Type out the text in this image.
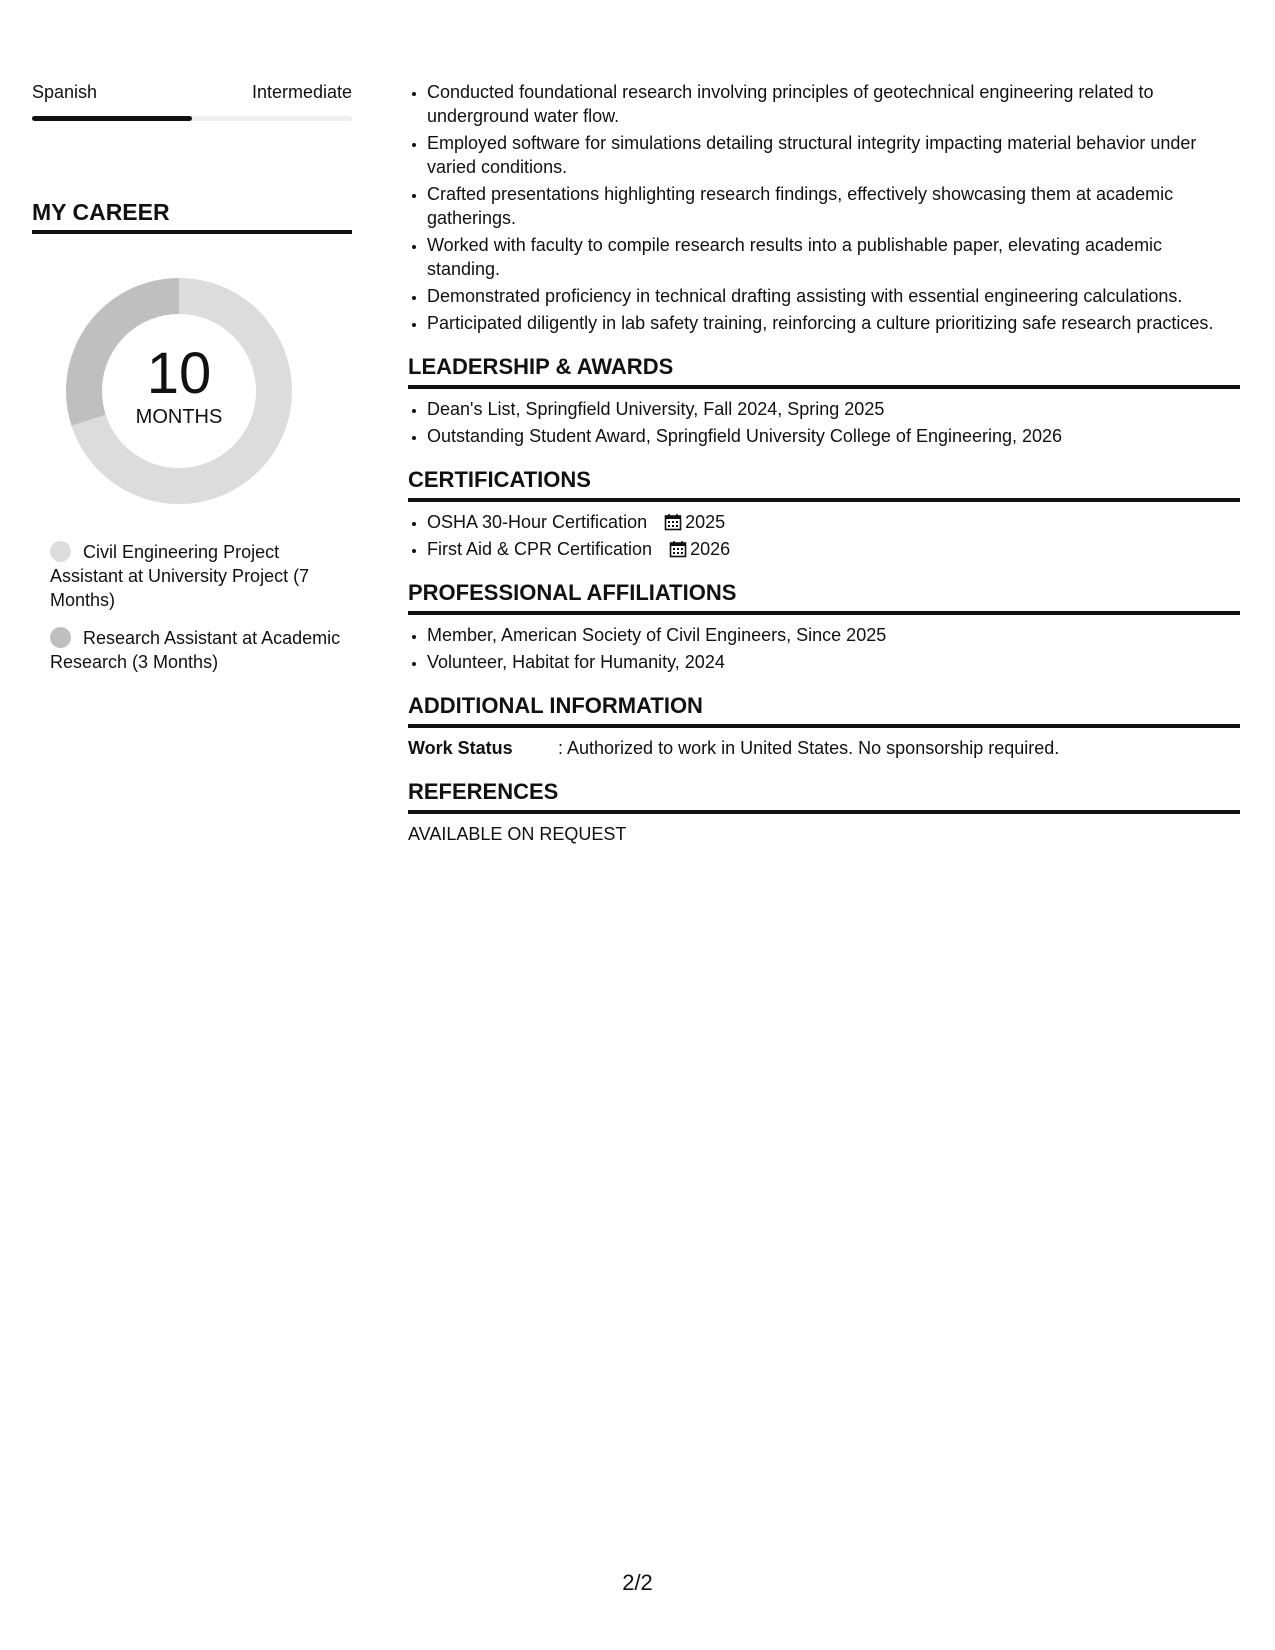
Spanish	Intermediate
MY CAREER
10
MONTHS
Civil Engineering Project Assistant at University Project (7 Months)
Research Assistant at Academic Research (3 Months)
• Conducted foundational research involving principles of geotechnical engineering related to underground water flow.
• Employed software for simulations detailing structural integrity impacting material behavior under varied conditions.
• Crafted presentations highlighting research findings, effectively showcasing them at academic gatherings.
• Worked with faculty to compile research results into a publishable paper, elevating academic standing.
• Demonstrated proficiency in technical drafting assisting with essential engineering calculations.
• Participated diligently in lab safety training, reinforcing a culture prioritizing safe research practices.
LEADERSHIP & AWARDS
• Dean's List, Springfield University, Fall 2024, Spring 2025
• Outstanding Student Award, Springfield University College of Engineering, 2026
CERTIFICATIONS
• OSHA 30-Hour Certification 2025
• First Aid & CPR Certification 2026
PROFESSIONAL AFFILIATIONS
• Member, American Society of Civil Engineers, Since 2025
• Volunteer, Habitat for Humanity, 2024
ADDITIONAL INFORMATION
Work Status	: Authorized to work in United States. No sponsorship required.
REFERENCES
AVAILABLE ON REQUEST
2/2
